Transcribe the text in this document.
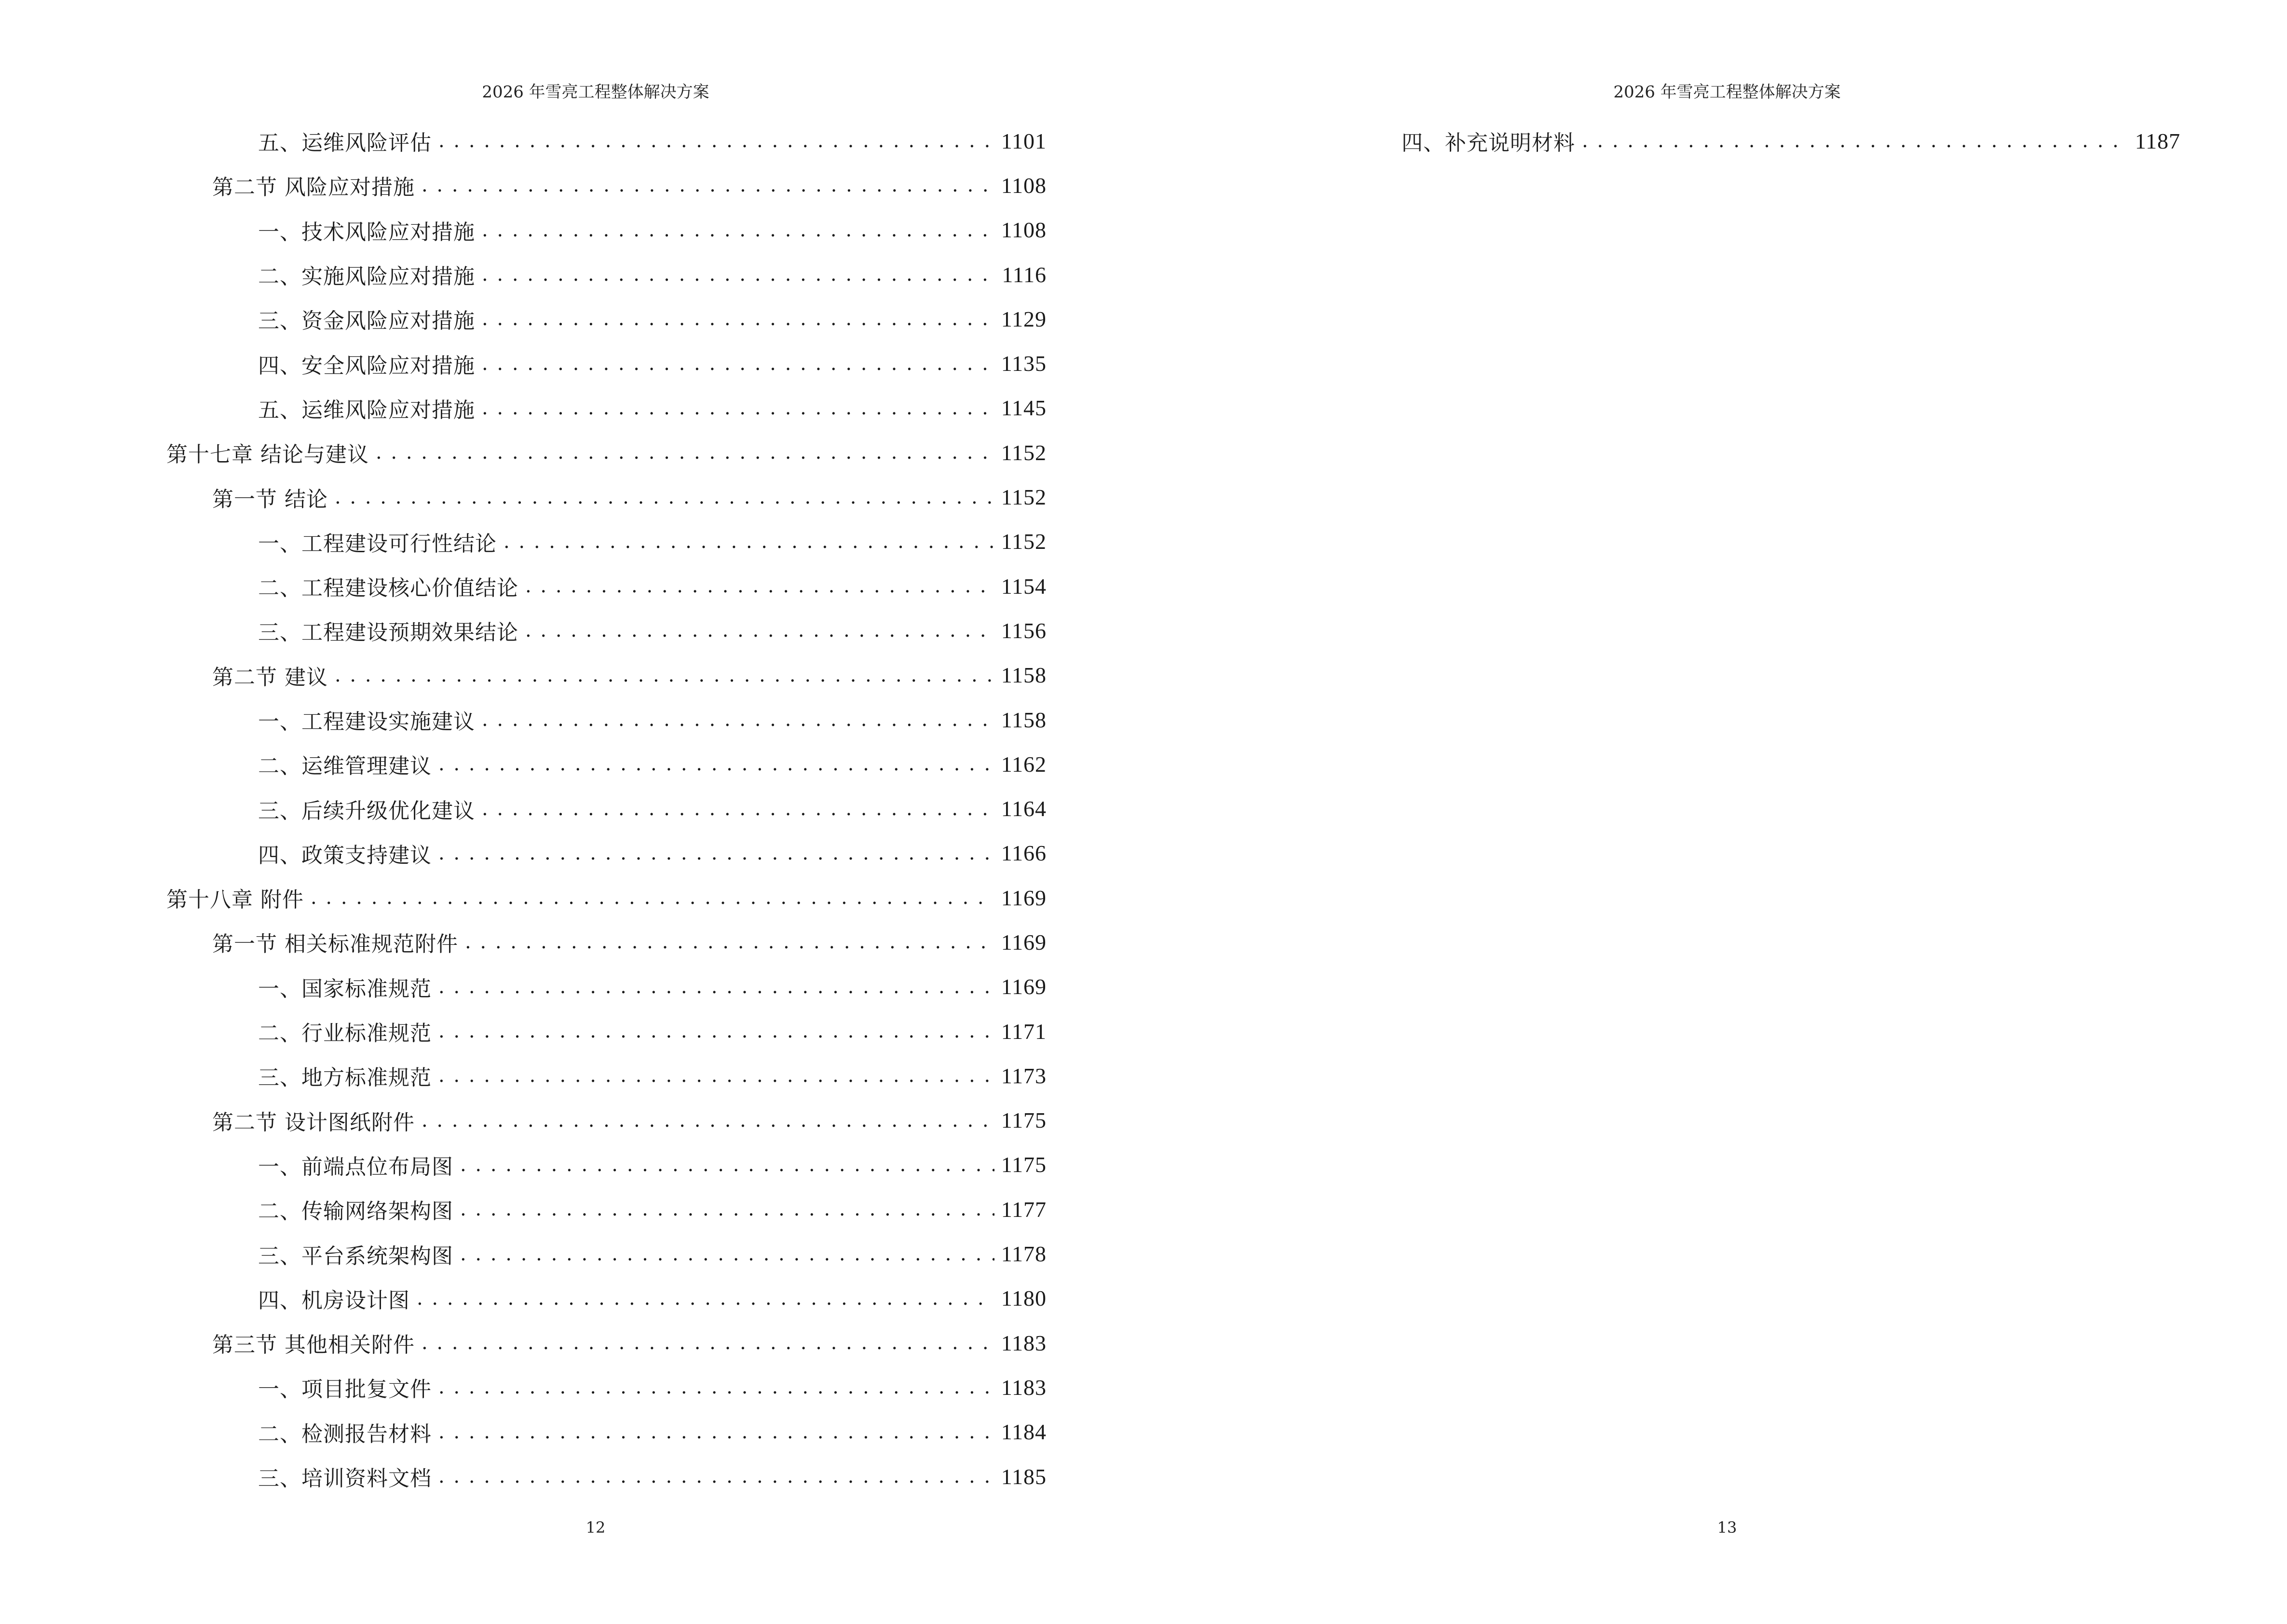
2026 年雪亮工程整体解决方案
五、运维风险评估 . . .	1101
第二节 风险应对措施 . . .	1108
一、技术风险应对措施 . . .	1108
二、实施风险应对措施 . . .	1116
三、资金风险应对措施 . . .	1129
四、安全风险应对措施 . . .	1135
五、运维风险应对措施 . . .	1145
第十七章 结论与建议 . . .	1152
第一节 结论 . . .	1152
一、工程建设可行性结论 . . .	1152
二、工程建设核心价值结论 . . .	1154
三、工程建设预期效果结论 . . .	1156
第二节 建议 . . .	1158
一、工程建设实施建议 . . .	1158
二、运维管理建议 . . .	1162
三、后续升级优化建议 . . .	1164
四、政策支持建议 . . .	1166
第十八章 附件 . . .	1169
第一节 相关标准规范附件 . . .	1169
一、国家标准规范 . . .	1169
二、行业标准规范 . . .	1171
三、地方标准规范 . . .	1173
第二节 设计图纸附件 . . .	1175
一、前端点位布局图 . . .	1175
二、传输网络架构图 . . .	1177
三、平台系统架构图 . . .	1178
四、机房设计图 . . .	1180
第三节 其他相关附件 . . .	1183
一、项目批复文件 . . .	1183
二、检测报告材料 . . .	1184
三、培训资料文档 . . .	1185
12
2026 年雪亮工程整体解决方案
四、补充说明材料 . . .	1187
13
